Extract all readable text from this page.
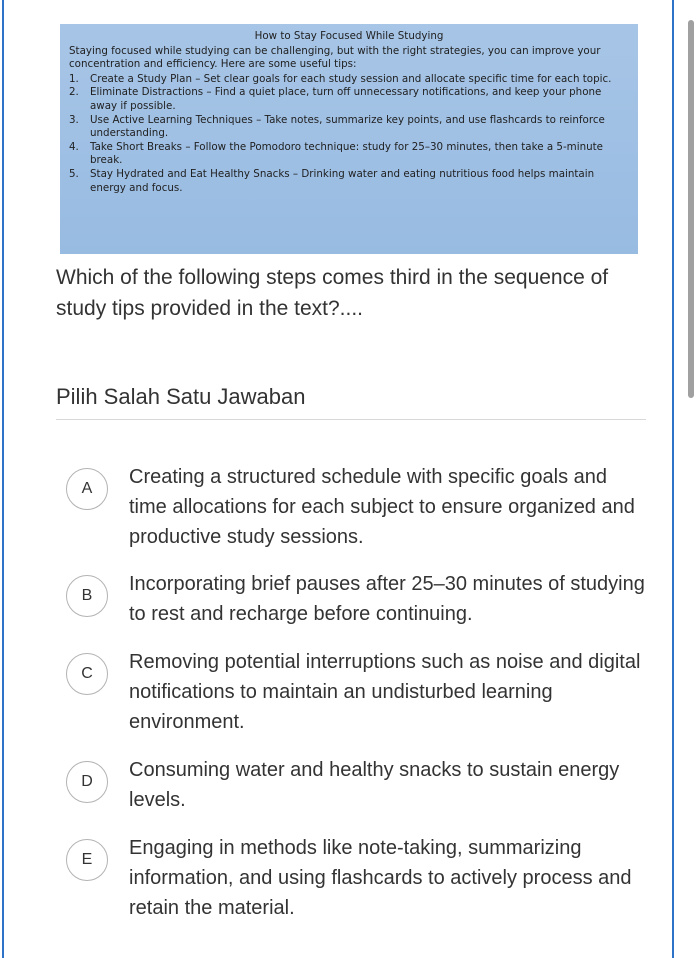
How to Stay Focused While Studying

Staying focused while studying can be challenging, but with the right strategies, you can improve your concentration and efficiency. Here are some useful tips:

1. Create a Study Plan – Set clear goals for each study session and allocate specific time for each topic.
2. Eliminate Distractions – Find a quiet place, turn off unnecessary notifications, and keep your phone away if possible.
3. Use Active Learning Techniques – Take notes, summarize key points, and use flashcards to reinforce understanding.
4. Take Short Breaks – Follow the Pomodoro technique: study for 25–30 minutes, then take a 5-minute break.
5. Stay Hydrated and Eat Healthy Snacks – Drinking water and eating nutritious food helps maintain energy and focus.
Which of the following steps comes third in the sequence of study tips provided in the text?....
Pilih Salah Satu Jawaban
A
Creating a structured schedule with specific goals and time allocations for each subject to ensure organized and productive study sessions.
B
Incorporating brief pauses after 25–30 minutes of studying to rest and recharge before continuing.
C
Removing potential interruptions such as noise and digital notifications to maintain an undisturbed learning environment.
D
Consuming water and healthy snacks to sustain energy levels.
E
Engaging in methods like note-taking, summarizing information, and using flashcards to actively process and retain the material.
